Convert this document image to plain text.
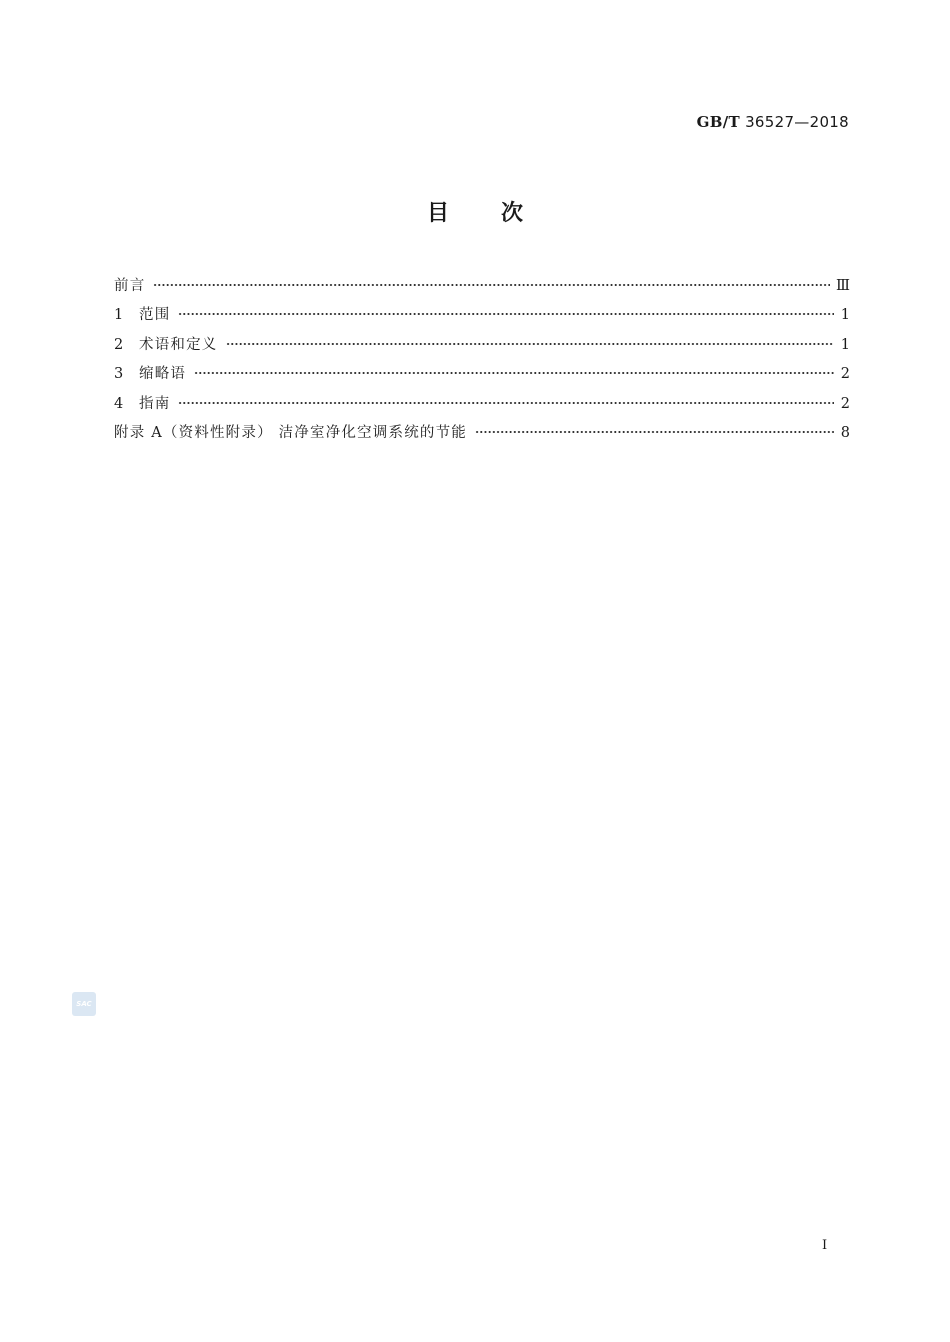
GB/T 36527—2018
目次
前言	Ⅲ
1	范围	1
2	术语和定义	1
3	缩略语	2
4	指南	2
附录 A（资料性附录） 洁净室净化空调系统的节能	8
SAC
I
